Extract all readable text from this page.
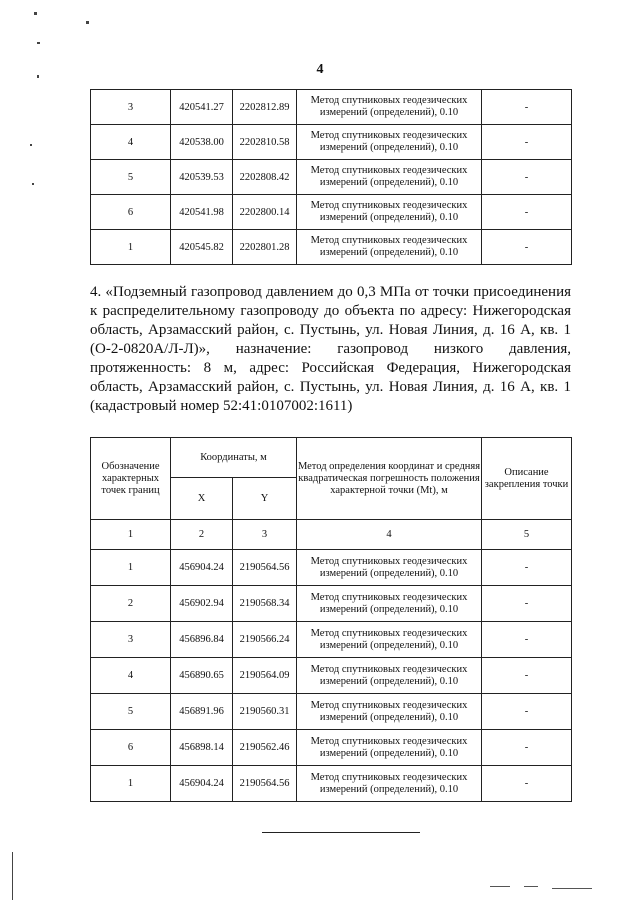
4
3	420541.27	2202812.89	Метод спутниковых геодезических измерений (определений), 0.10	-
4	420538.00	2202810.58	Метод спутниковых геодезических измерений (определений), 0.10	-
5	420539.53	2202808.42	Метод спутниковых геодезических измерений (определений), 0.10	-
6	420541.98	2202800.14	Метод спутниковых геодезических измерений (определений), 0.10	-
1	420545.82	2202801.28	Метод спутниковых геодезических измерений (определений), 0.10	-

4. «Подземный газопровод давлением до 0,3 МПа от точки присоединения к распределительному газопроводу до объекта по адресу: Нижегородская область, Арзамасский район, с. Пустынь, ул. Новая Линия, д. 16 А, кв. 1 (О-2-0820А/Л-Л)», назначение: газопровод низкого давления, протяженность: 8 м, адрес: Российская Федерация, Нижегородская область, Арзамасский район, с. Пустынь, ул. Новая Линия, д. 16 А, кв. 1 (кадастровый номер 52:41:0107002:1611)

Обозначение характерных точек границ	Координаты, м		Метод определения координат и средняя квадратическая погрешность положения характерной точки (Mt), м	Описание закрепления точки
	X	Y		
1	2	3	4	5
1	456904.24	2190564.56	Метод спутниковых геодезических измерений (определений), 0.10	-
2	456902.94	2190568.34	Метод спутниковых геодезических измерений (определений), 0.10	-
3	456896.84	2190566.24	Метод спутниковых геодезических измерений (определений), 0.10	-
4	456890.65	2190564.09	Метод спутниковых геодезических измерений (определений), 0.10	-
5	456891.96	2190560.31	Метод спутниковых геодезических измерений (определений), 0.10	-
6	456898.14	2190562.46	Метод спутниковых геодезических измерений (определений), 0.10	-
1	456904.24	2190564.56	Метод спутниковых геодезических измерений (определений), 0.10	-
